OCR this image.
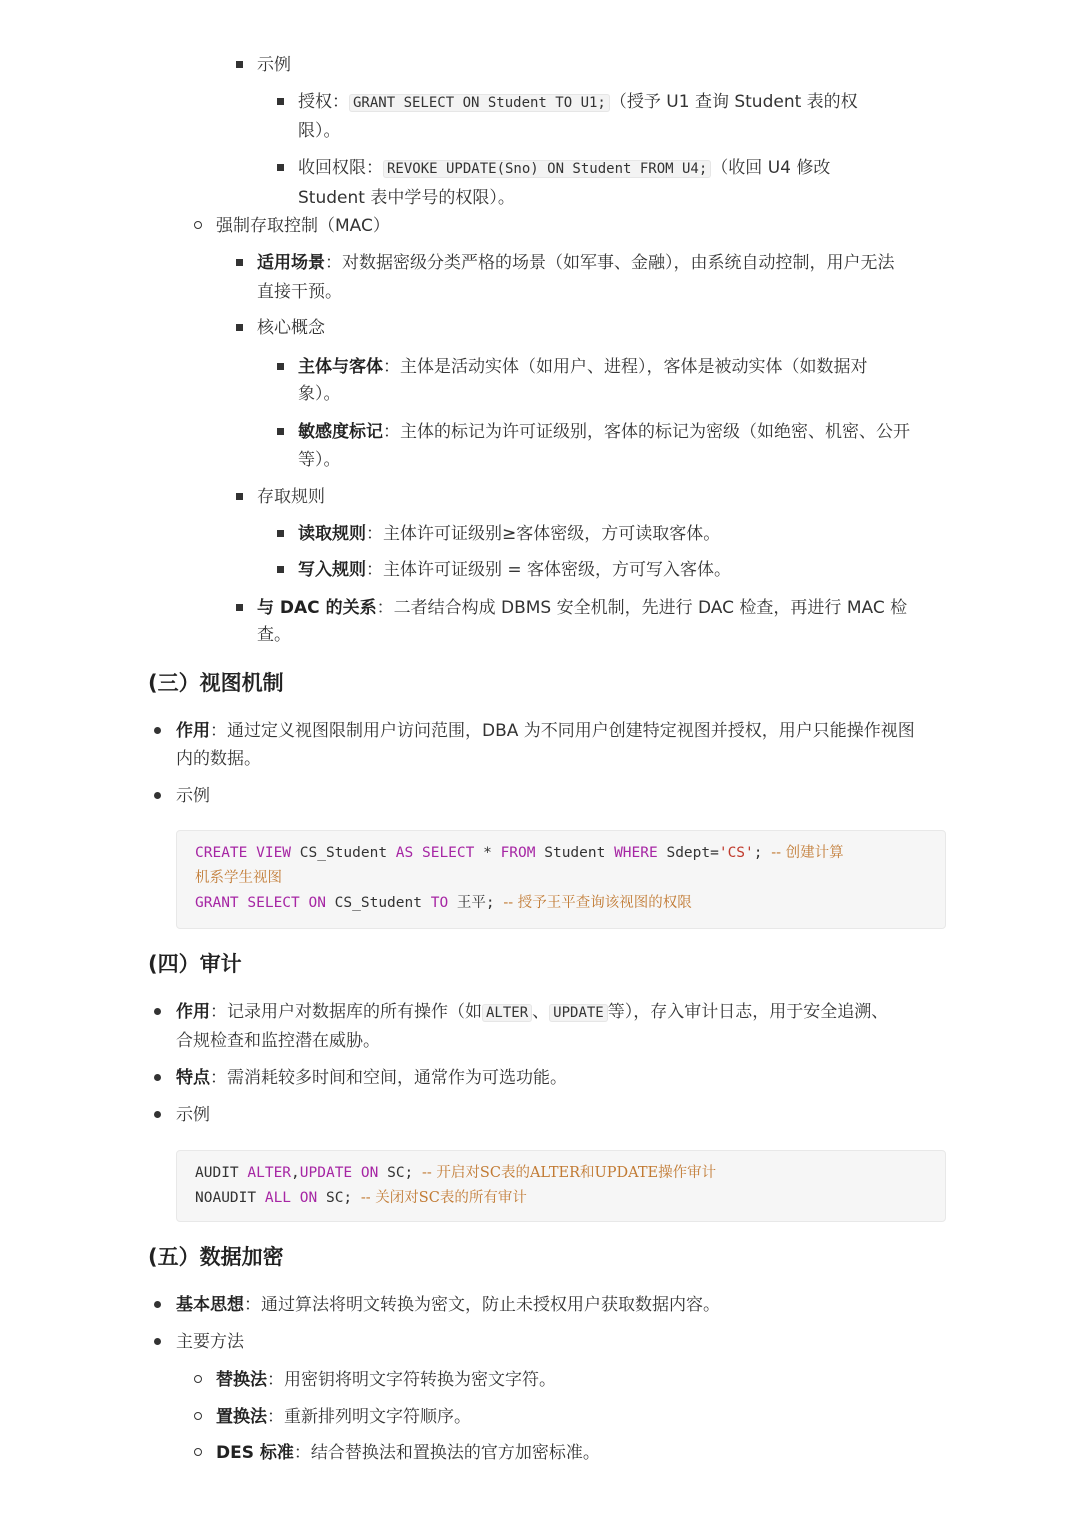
示例
授权： GRANT SELECT ON Student TO U1; （授予 U1 查询 Student 表的权
限）。
收回权限： REVOKE UPDATE(Sno) ON Student FROM U4; （收回 U4 修改
Student 表中学号的权限）。
强制存取控制（MAC）
适用场景：对数据密级分类严格的场景（如军事、金融），由系统自动控制，用户无法
直接干预。
核心概念
主体与客体：主体是活动实体（如用户、进程），客体是被动实体（如数据对
象）。
敏感度标记：主体的标记为许可证级别，客体的标记为密级（如绝密、机密、公开
等）。
存取规则
读取规则：主体许可证级别≥客体密级，方可读取客体。
写入规则：主体许可证级别 = 客体密级，方可写入客体。
与 DAC 的关系：二者结合构成 DBMS 安全机制，先进行 DAC 检查，再进行 MAC 检
查。
(三）视图机制
作用：通过定义视图限制用户访问范围，DBA 为不同用户创建特定视图并授权，用户只能操作视图
内的数据。
示例
CREATE VIEW CS_Student AS SELECT * FROM Student WHERE Sdept='CS'; -- 创建计算
机系学生视图
GRANT SELECT ON CS_Student TO 王平; -- 授予王平查询该视图的权限
(四）审计
作用：记录用户对数据库的所有操作（如 ALTER 、 UPDATE 等），存入审计日志，用于安全追溯、
合规检查和监控潜在威胁。
特点：需消耗较多时间和空间，通常作为可选功能。
示例
AUDIT ALTER,UPDATE ON SC; -- 开启对SC表的ALTER和UPDATE操作审计
NOAUDIT ALL ON SC; -- 关闭对SC表的所有审计
(五）数据加密
基本思想：通过算法将明文转换为密文，防止未授权用户获取数据内容。
主要方法
替换法：用密钥将明文字符转换为密文字符。
置换法：重新排列明文字符顺序。
DES 标准：结合替换法和置换法的官方加密标准。
